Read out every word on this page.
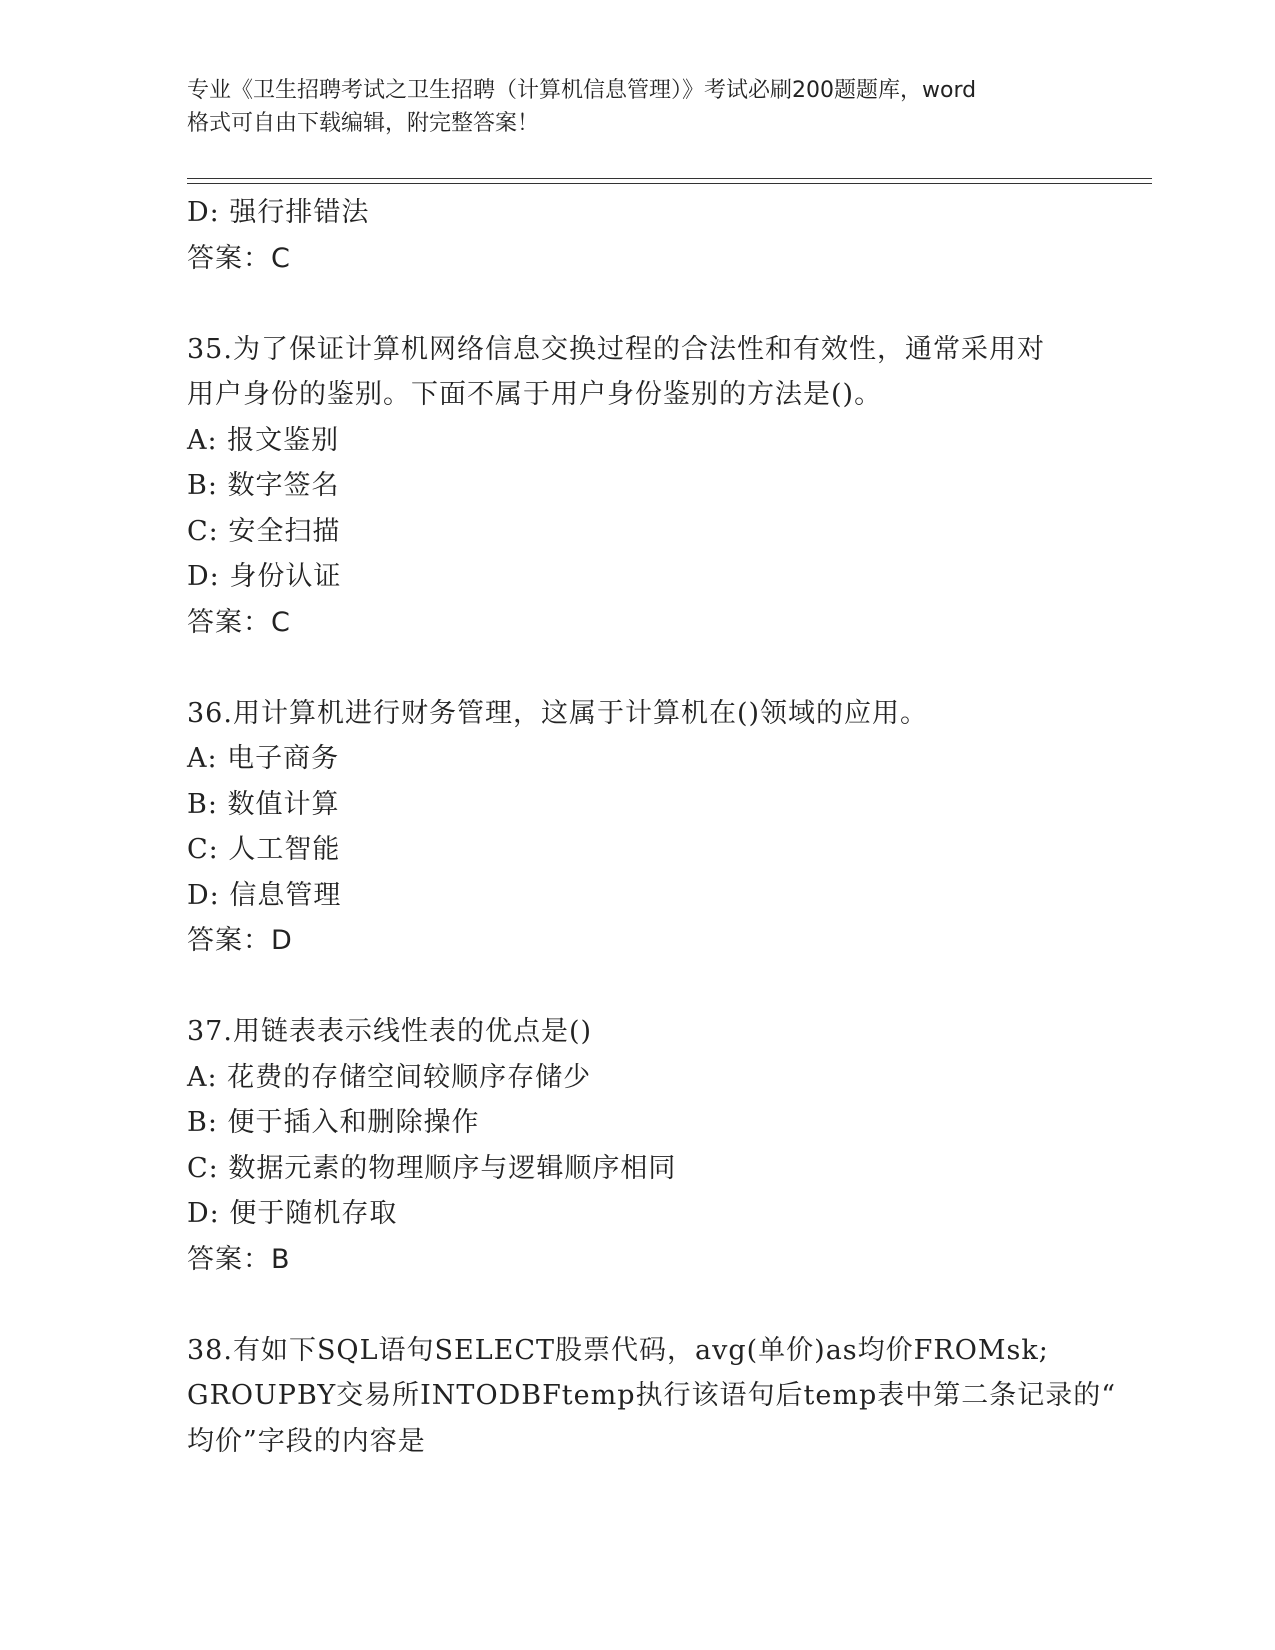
专业《卫生招聘考试之卫生招聘（计算机信息管理）》考试必刷200题题库，word
格式可自由下载编辑，附完整答案！
D: 强行排错法
答案：C
35.为了保证计算机网络信息交换过程的合法性和有效性，通常采用对
用户身份的鉴别。下面不属于用户身份鉴别的方法是()。
A: 报文鉴别
B: 数字签名
C: 安全扫描
D: 身份认证
答案：C
36.用计算机进行财务管理，这属于计算机在()领域的应用。
A: 电子商务
B: 数值计算
C: 人工智能
D: 信息管理
答案：D
37.用链表表示线性表的优点是()
A: 花费的存储空间较顺序存储少
B: 便于插入和删除操作
C: 数据元素的物理顺序与逻辑顺序相同
D: 便于随机存取
答案：B
38.有如下SQL语句SELECT股票代码，avg(单价)as均价FROMsk;
GROUPBY交易所INTODBFtemp执行该语句后temp表中第二条记录的“
均价”字段的内容是
